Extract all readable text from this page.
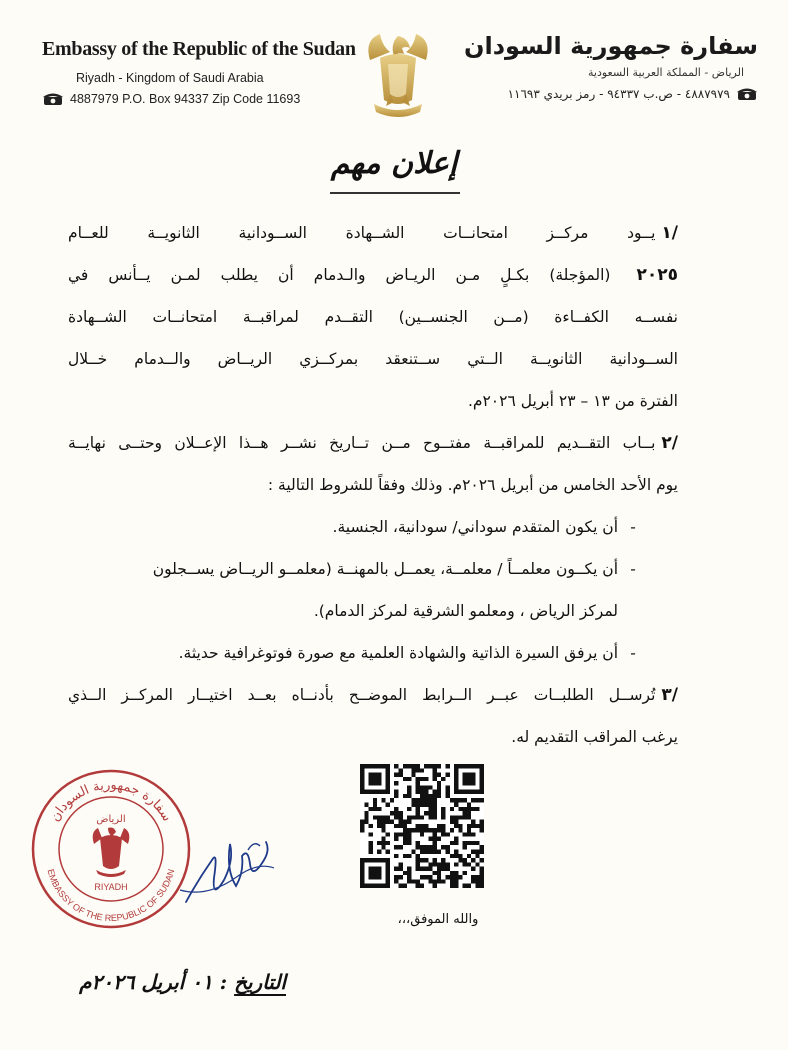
Embassy of the Republic of the Sudan
Riyadh - Kingdom of Saudi Arabia
4887979 P.O. Box 94337 Zip Code 11693
سفارة جمهورية السودان
الرياض - المملكة العربية السعودية
٤٨٨٧٩٧٩ - ص.ب ٩٤٣٣٧ - رمز بريدي ١١٦٩٣
إعلان مهم
/١يــود مركــز امتحانــات الشــهادة الســودانية الثانويــة للعــام
٢٠٢٥ (المؤجلة) بكـلٍ مـن الريـاض والـدمام أن يطلب لمـن يــأنس في
نفســه الكفــاءة (مــن الجنســين) التقــدم لمراقبــة امتحانــات الشــهادة
الســودانية الثانويــة الــتي ســتنعقد بمركــزي الريــاض والــدمام خــلال
الفترة من ١٣ – ٢٣ أبريل ٢٠٢٦م.
/٢بــاب التقــديم للمراقبــة مفتــوح مــن تــاريخ نشــر هــذا الإعــلان وحتــى نهايــة
يوم الأحد الخامس من أبريل ٢٠٢٦م. وذلك وفقاً للشروط التالية :
-
أن يكون المتقدم سوداني/ سودانية، الجنسية.
-
أن يكــون معلمــاً / معلمــة، يعمــل بالمهنــة (معلمــو الريــاض يســجلون
لمركز الرياض ، ومعلمو الشرقية لمركز الدمام).
-
أن يرفق السيرة الذاتية والشهادة العلمية مع صورة فوتوغرافية حديثة.
/٣تُرســل الطلبــات عبــر الــرابط الموضــح بأدنــاه بعــد اختيــار المركــز الــذي
يرغب المراقب التقديم له.
والله الموفق،،،
سفارة جمهورية السودان
EMBASSY OF THE REPUBLIC OF SUDAN
الرياض
RIYADH
التاريخ : ٠١ أبريل ٢٠٢٦م
